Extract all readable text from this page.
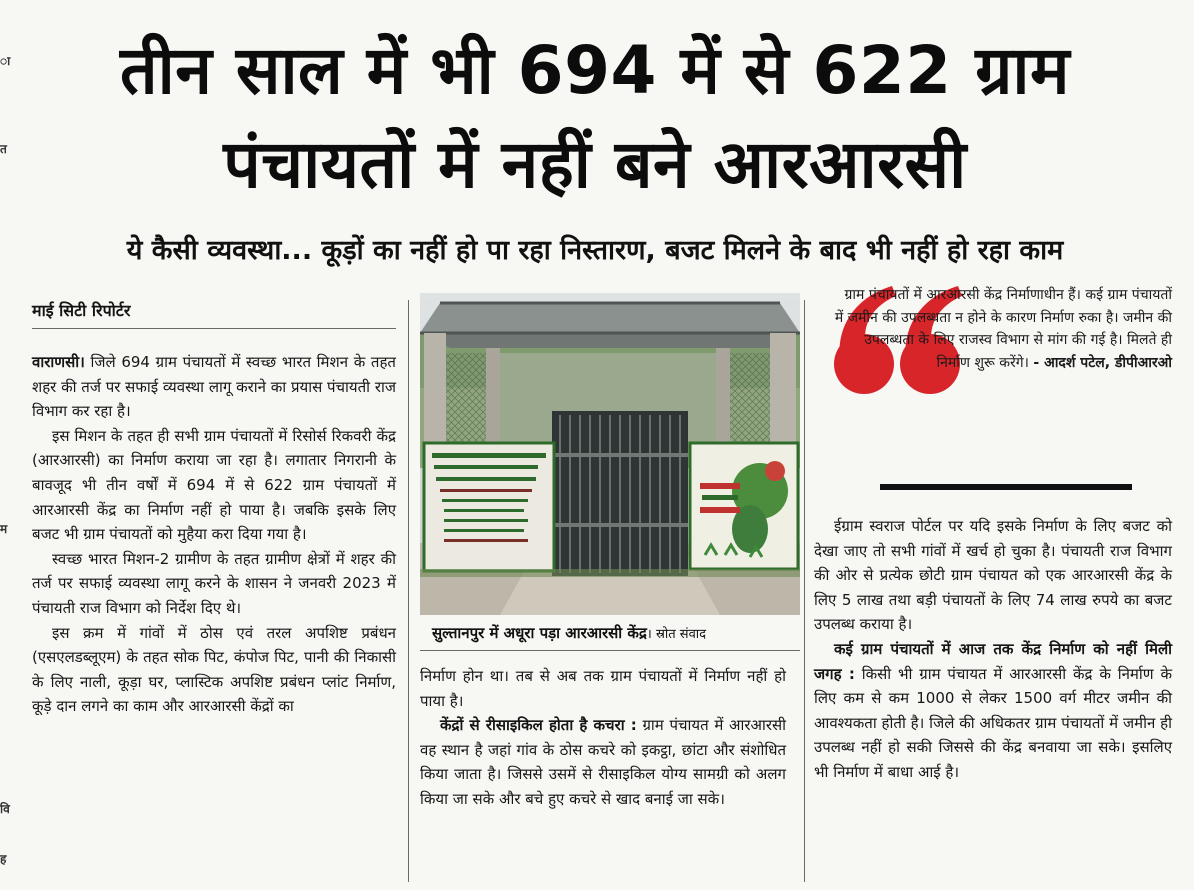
ा
त
म
वि
ह
तीन साल में भी 694 में से 622 ग्राम
पंचायतों में नहीं बने आरआरसी
ये कैसी व्यवस्था... कूड़ों का नहीं हो पा रहा निस्तारण, बजट मिलने के बाद भी नहीं हो रहा काम
माई सिटी रिपोर्टर

वाराणसी। जिले 694 ग्राम पंचायतों में स्वच्छ भारत मिशन के तहत शहर की तर्ज पर सफाई व्यवस्था लागू कराने का प्रयास पंचायती राज विभाग कर रहा है।

इस मिशन के तहत ही सभी ग्राम पंचायतों में रिसोर्स रिकवरी केंद्र (आरआरसी) का निर्माण कराया जा रहा है। लगातार निगरानी के बावजूद भी तीन वर्षों में 694 में से 622 ग्राम पंचायतों में आरआरसी केंद्र का निर्माण नहीं हो पाया है। जबकि इसके लिए बजट भी ग्राम पंचायतों को मुहैया करा दिया गया है।

स्वच्छ भारत मिशन-2 ग्रामीण के तहत ग्रामीण क्षेत्रों में शहर की तर्ज पर सफाई व्यवस्था लागू करने के शासन ने जनवरी 2023 में पंचायती राज विभाग को निर्देश दिए थे।

इस क्रम में गांवों में ठोस एवं तरल अपशिष्ट प्रबंधन (एसएलडब्लूएम) के तहत सोक पिट, कंपोज पिट, पानी की निकासी के लिए नाली, कूड़ा घर, प्लास्टिक अपशिष्ट प्रबंधन प्लांट निर्माण, कूड़े दान लगने का काम और आरआरसी केंद्रों का

सुल्तानपुर में अधूरा पड़ा आरआरसी केंद्र। स्रोत संवाद

निर्माण होन था। तब से अब तक ग्राम पंचायतों में निर्माण नहीं हो पाया है।

केंद्रों से रीसाइकिल होता है कचरा : ग्राम पंचायत में आरआरसी वह स्थान है जहां गांव के ठोस कचरे को इकट्ठा, छांटा और संशोधित किया जाता है। जिससे उसमें से रीसाइकिल योग्य सामग्री को अलग किया जा सके और बचे हुए कचरे से खाद बनाई जा सके।

ग्राम पंचायतों में आरआरसी केंद्र निर्माणाधीन हैं। कई ग्राम पंचायतों में जमीन की उपलब्धता न होने के कारण निर्माण रुका है। जमीन की उपलब्धता के लिए राजस्व विभाग से मांग की गई है। मिलते ही निर्माण शुरू करेंगे। - आदर्श पटेल, डीपीआरओ

ईग्राम स्वराज पोर्टल पर यदि इसके निर्माण के लिए बजट को देखा जाए तो सभी गांवों में खर्च हो चुका है। पंचायती राज विभाग की ओर से प्रत्येक छोटी ग्राम पंचायत को एक आरआरसी केंद्र के लिए 5 लाख तथा बड़ी पंचायतों के लिए 74 लाख रुपये का बजट उपलब्ध कराया है।

कई ग्राम पंचायतों में आज तक केंद्र निर्माण को नहीं मिली जगह : किसी भी ग्राम पंचायत में आरआरसी केंद्र के निर्माण के लिए कम से कम 1000 से लेकर 1500 वर्ग मीटर जमीन की आवश्यकता होती है। जिले की अधिकतर ग्राम पंचायतों में जमीन ही उपलब्ध नहीं हो सकी जिससे की केंद्र बनवाया जा सके। इसलिए भी निर्माण में बाधा आई है।
